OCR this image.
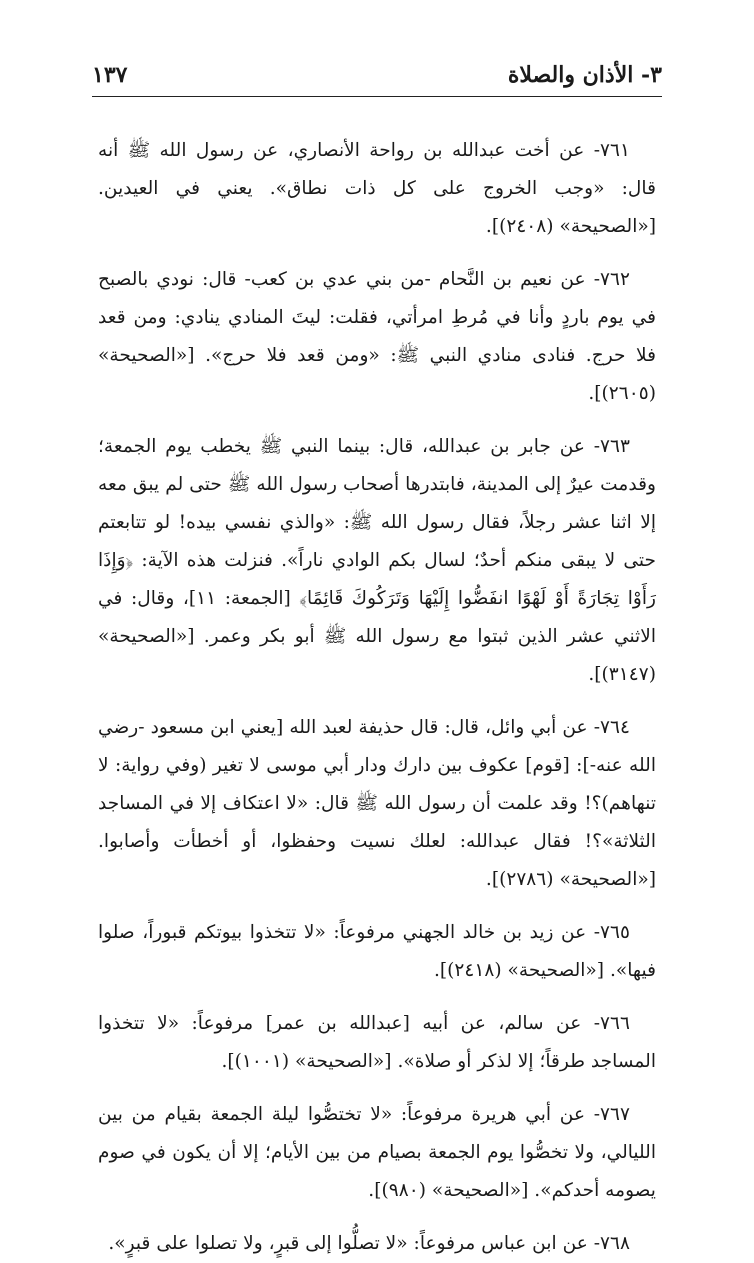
٣- الأذان والصلاة
١٣٧

٧٦١- عن أخت عبدالله بن رواحة الأنصاري، عن رسول الله ﷺ أنه قال: «وجب الخروج على كل ذات نطاق». يعني في العيدين. [«الصحيحة» (٢٤٠٨)].

٧٦٢- عن نعيم بن النَّحام -من بني عدي بن كعب- قال: نودي بالصبح في يوم باردٍ وأنا في مُرطِ امرأتي، فقلت: ليتَ المنادي ينادي: ومن قعد فلا حرج. فنادى منادي النبي ﷺ: «ومن قعد فلا حرج». [«الصحيحة» (٢٦٠٥)].

٧٦٣- عن جابر بن عبدالله، قال: بينما النبي ﷺ يخطب يوم الجمعة؛ وقدمت عيرٌ إلى المدينة، فابتدرها أصحاب رسول الله ﷺ حتى لم يبق معه إلا اثنا عشر رجلاً، فقال رسول الله ﷺ: «والذي نفسي بيده! لو تتابعتم حتى لا يبقى منكم أحدٌ؛ لسال بكم الوادي ناراً». فنزلت هذه الآية: ﴿وَإِذَا رَأَوْا تِجَارَةً أَوْ لَهْوًا انفَضُّوا إِلَيْهَا وَتَرَكُوكَ قَائِمًا﴾ [الجمعة: ١١]، وقال: في الاثني عشر الذين ثبتوا مع رسول الله ﷺ أبو بكر وعمر. [«الصحيحة» (٣١٤٧)].

٧٦٤- عن أبي وائل، قال: قال حذيفة لعبد الله [يعني ابن مسعود -رضي الله عنه-]: [قوم] عكوف بين دارك ودار أبي موسى لا تغير (وفي رواية: لا تنهاهم)؟! وقد علمت أن رسول الله ﷺ قال: «لا اعتكاف إلا في المساجد الثلاثة»؟! فقال عبدالله: لعلك نسيت وحفظوا، أو أخطأت وأصابوا. [«الصحيحة» (٢٧٨٦)].

٧٦٥- عن زيد بن خالد الجهني مرفوعاً: «لا تتخذوا بيوتكم قبوراً، صلوا فيها». [«الصحيحة» (٢٤١٨)].

٧٦٦- عن سالم، عن أبيه [عبدالله بن عمر] مرفوعاً: «لا تتخذوا المساجد طرقاً؛ إلا لذكر أو صلاة». [«الصحيحة» (١٠٠١)].

٧٦٧- عن أبي هريرة مرفوعاً: «لا تختصُّوا ليلة الجمعة بقيام من بين الليالي، ولا تخصُّوا يوم الجمعة بصيام من بين الأيام؛ إلا أن يكون في صوم يصومه أحدكم». [«الصحيحة» (٩٨٠)].

٧٦٨- عن ابن عباس مرفوعاً: «لا تصلُّوا إلى قبرٍ، ولا تصلوا على قبرٍ».
